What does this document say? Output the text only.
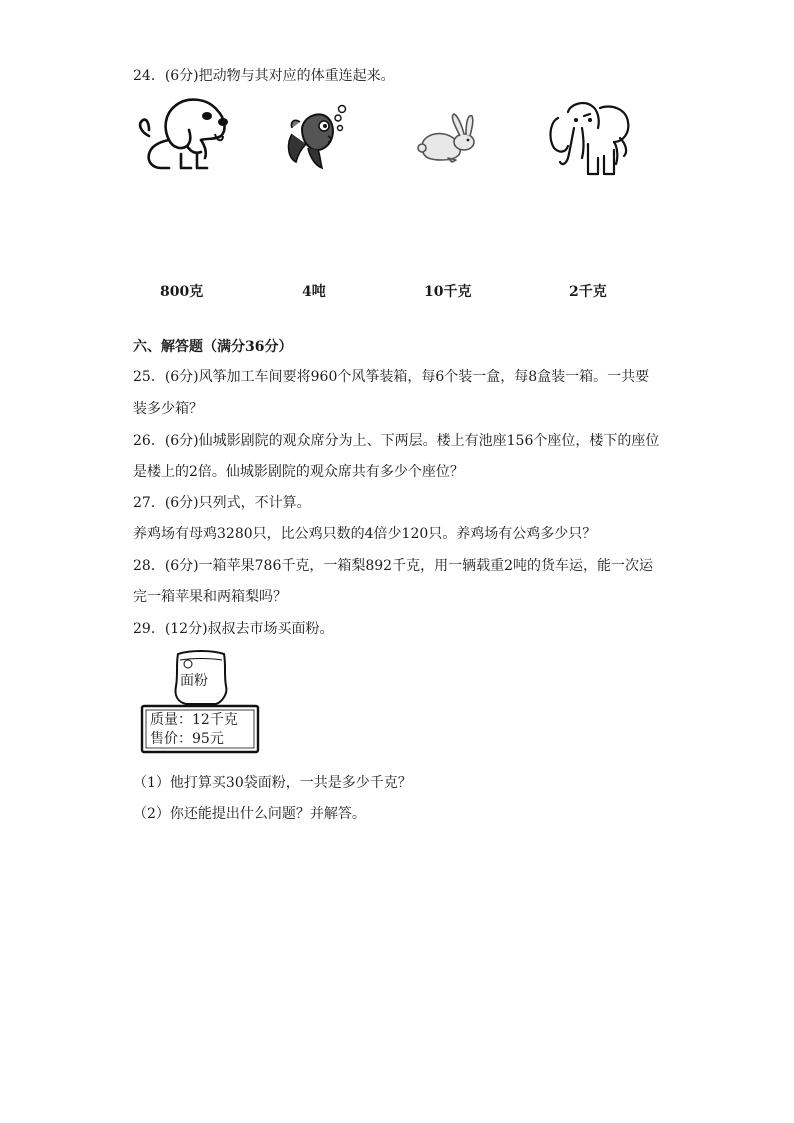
24．(6分)把动物与其对应的体重连起来。
800克	4吨	10千克	2千克
六、解答题（满分36分）
25．(6分)风筝加工车间要将960个风筝装箱，每6个装一盒，每8盒装一箱。一共要
装多少箱？
26．(6分)仙城影剧院的观众席分为上、下两层。楼上有池座156个座位，楼下的座位
是楼上的2倍。仙城影剧院的观众席共有多少个座位？
27．(6分)只列式，不计算。
养鸡场有母鸡3280只，比公鸡只数的4倍少120只。养鸡场有公鸡多少只？
28．(6分)一箱苹果786千克，一箱梨892千克，用一辆载重2吨的货车运，能一次运
完一箱苹果和两箱梨吗？
29．(12分)叔叔去市场买面粉。
面粉
质量：12千克
售价：95元
（1）他打算买30袋面粉，一共是多少千克？
（2）你还能提出什么问题？并解答。
